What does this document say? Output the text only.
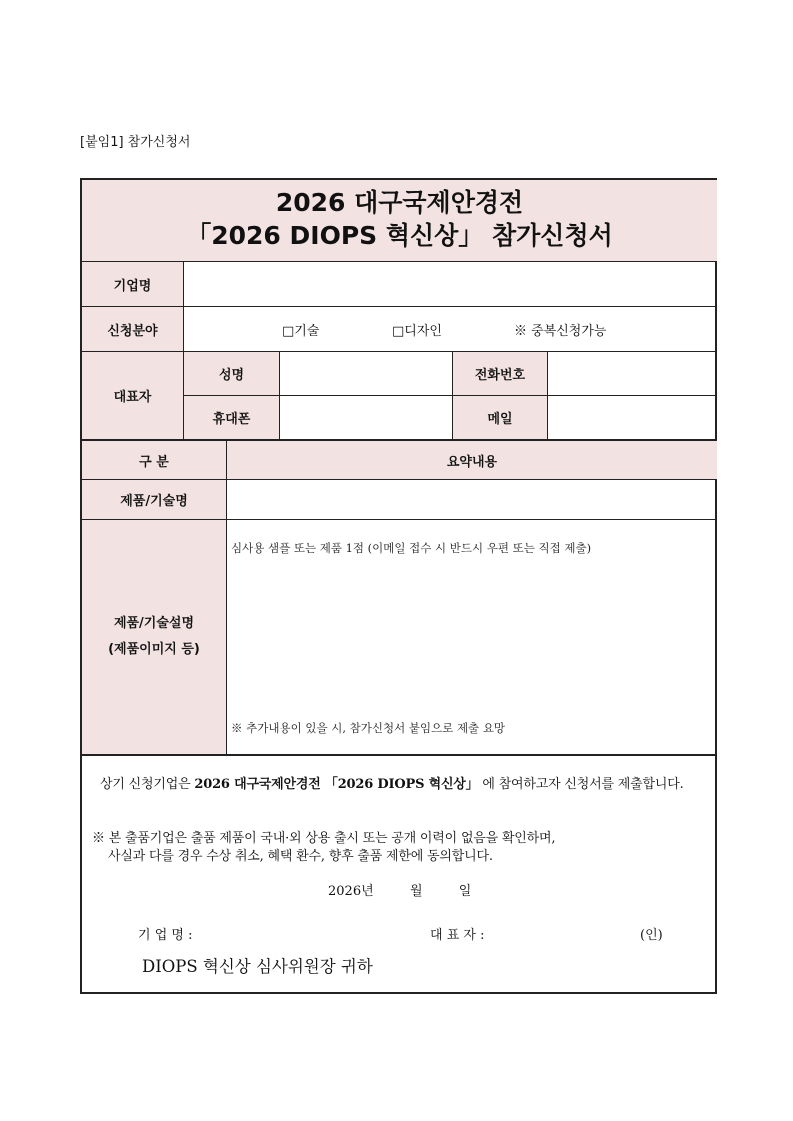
[붙임1] 참가신청서
2026 대구국제안경전
「2026 DIOPS 혁신상」 참가신청서
기업명
신청분야	□기술	□디자인	※ 중복신청가능
대표자
성명	전화번호
휴대폰	메일
구 분	요약내용
제품/기술명
제품/기술설명
(제품이미지 등)
심사용 샘플 또는 제품 1점 (이메일 접수 시 반드시 우편 또는 직접 제출)
※ 추가내용이 있을 시, 참가신청서 붙임으로 제출 요망
상기 신청기업은 2026 대구국제안경전 「2026 DIOPS 혁신상」 에 참여하고자 신청서를 제출합니다.
※ 본 출품기업은 출품 제품이 국내·외 상용 출시 또는 공개 이력이 없음을 확인하며,
사실과 다를 경우 수상 취소, 혜택 환수, 향후 출품 제한에 동의합니다.
2026년	월	일
기 업 명 :	대 표 자 :	(인)
DIOPS 혁신상 심사위원장 귀하
